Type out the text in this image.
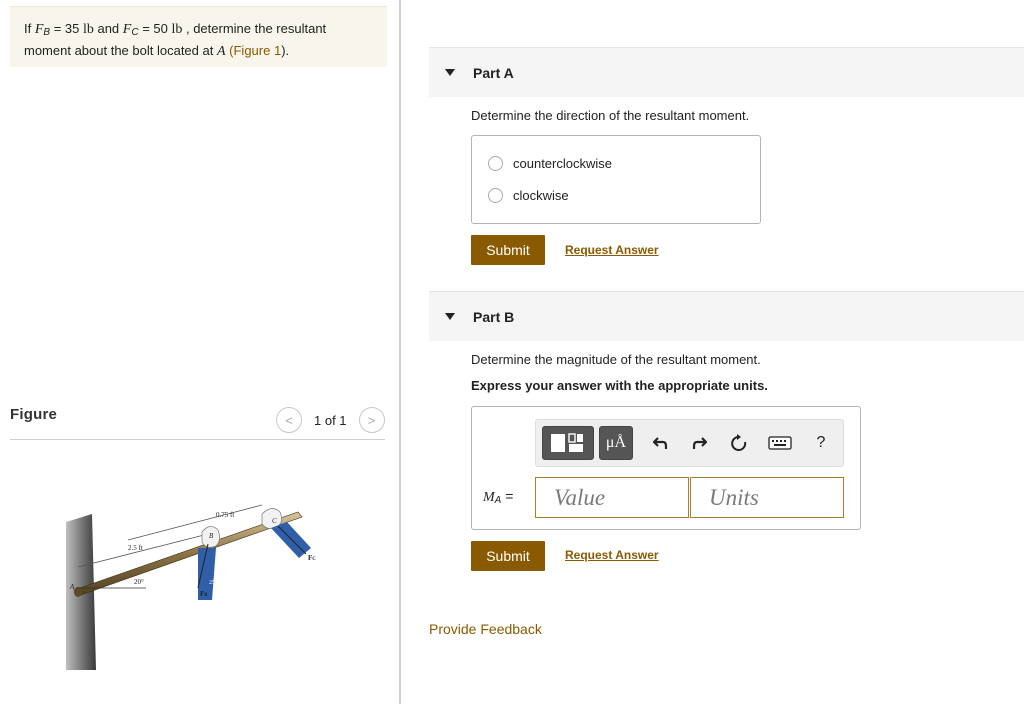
If $F_B = 35$ lb and $F_C = 50$ lb , determine the resultant
moment about the bolt located at A (Figure 1).
Figure	<	1 of 1	>
0.75 ft
2.5 ft
20°	25°
30°
A
B
C
FB
FC
Part A
Determine the direction of the resultant moment.
counterclockwise
clockwise
Submit	Request Answer
Part B
Determine the magnitude of the resultant moment.
Express your answer with the appropriate units.
μÅ	?
$M_A$ =	Value	Units
Submit	Request Answer
Provide Feedback
